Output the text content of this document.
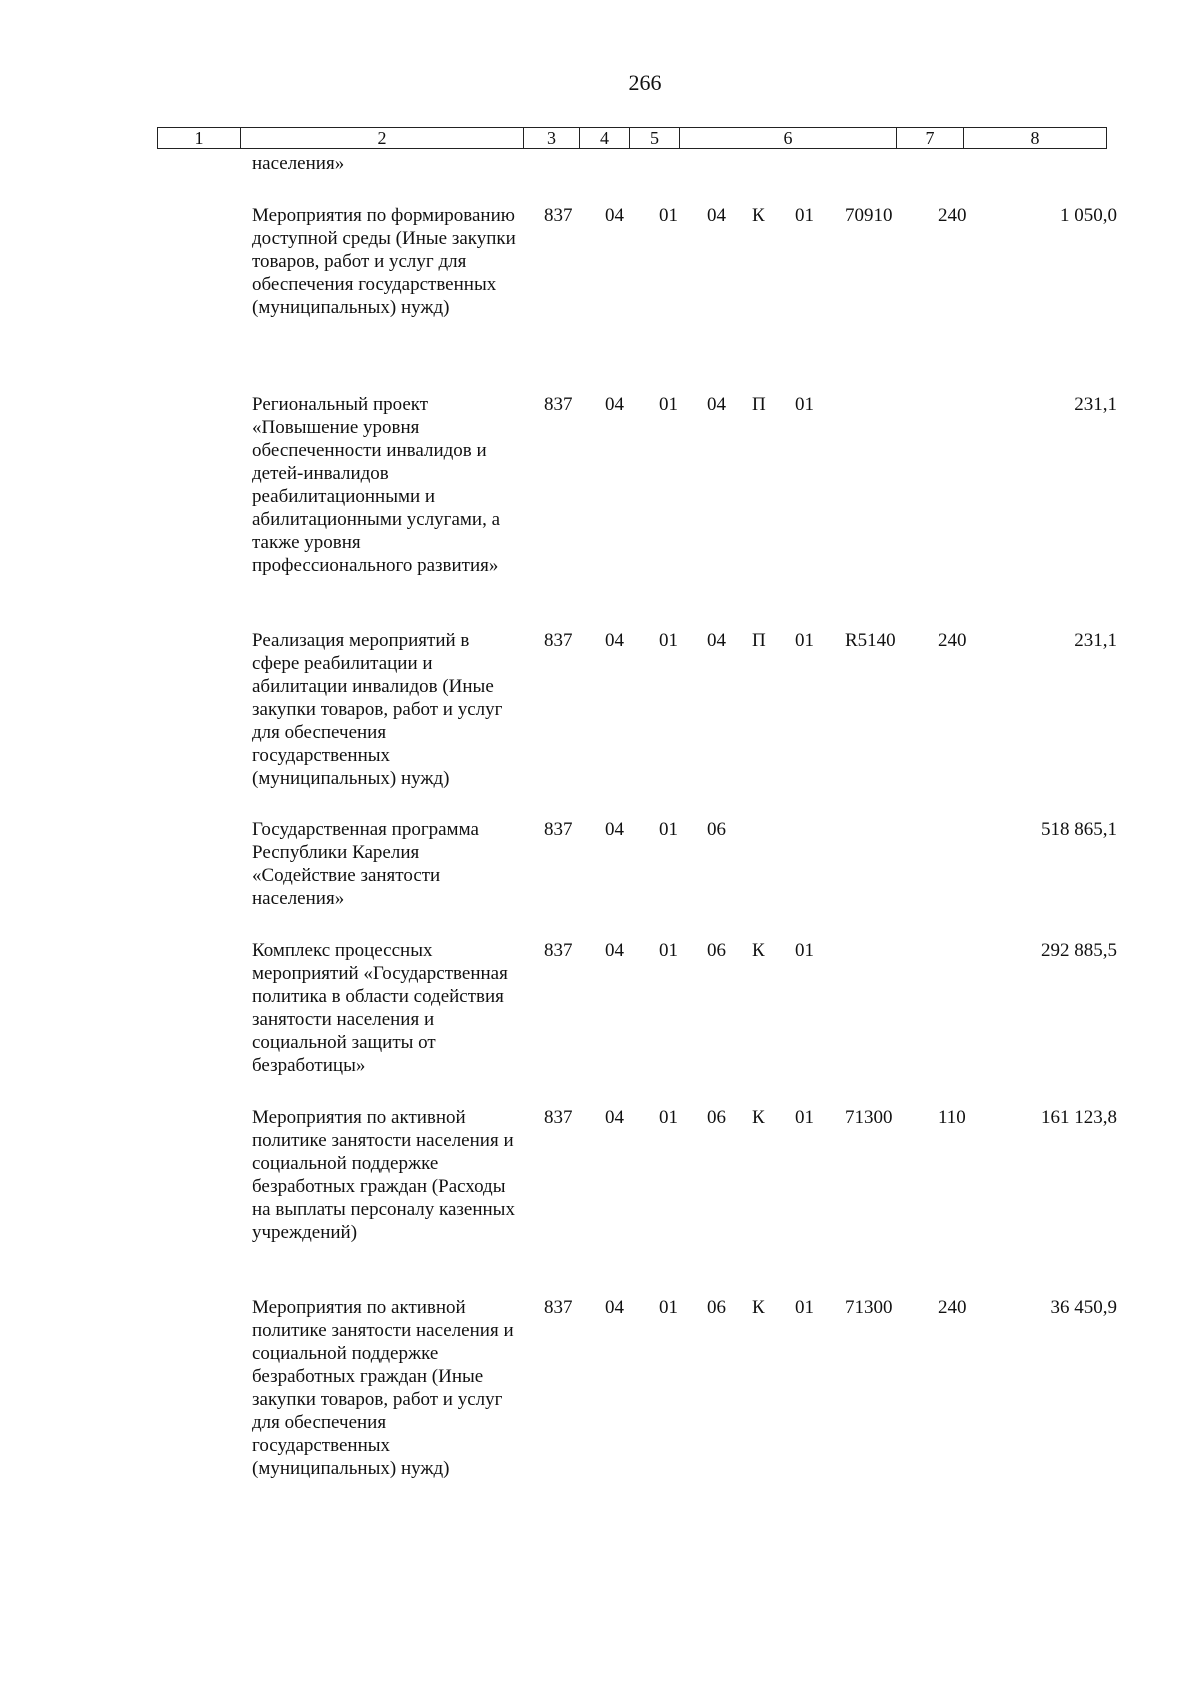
266
1	2	3	4	5	6	7	8
населения»
Мероприятия по формированию доступной среды (Иные закупки товаров, работ и услуг для обеспечения государственных (муниципальных) нужд)
837 04 01 04 К 01 70910 240	1 050,0
Региональный проект «Повышение уровня обеспеченности инвалидов и детей-инвалидов реабилитационными и абилитационными услугами, а также уровня профессионального развития»
837 04 01 04 П 01	231,1
Реализация мероприятий в сфере реабилитации и абилитации инвалидов (Иные закупки товаров, работ и услуг для обеспечения государственных (муниципальных) нужд)
837 04 01 04 П 01 R5140 240	231,1
Государственная программа Республики Карелия «Содействие занятости населения»
837 04 01 06	518 865,1
Комплекс процессных мероприятий «Государственная политика в области содействия занятости населения и социальной защиты от безработицы»
837 04 01 06 К 01	292 885,5
Мероприятия по активной политике занятости населения и социальной поддержке безработных граждан (Расходы на выплаты персоналу казенных учреждений)
837 04 01 06 К 01 71300 110	161 123,8
Мероприятия по активной политике занятости населения и социальной поддержке безработных граждан (Иные закупки товаров, работ и услуг для обеспечения государственных (муниципальных) нужд)
837 04 01 06 К 01 71300 240	36 450,9
